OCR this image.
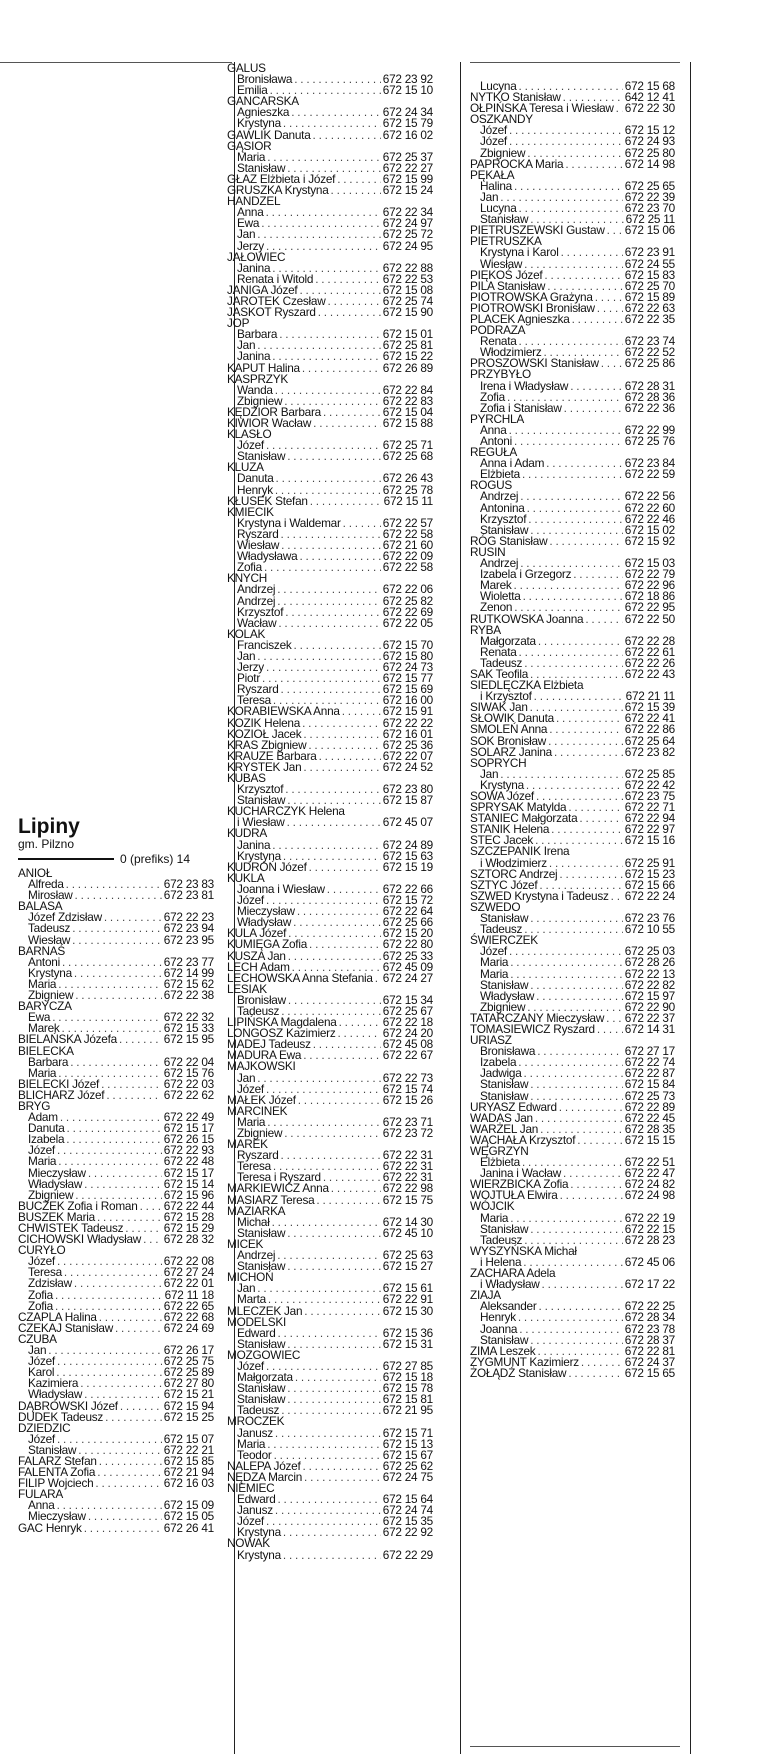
Lipiny
gm. Pilzno
0 (prefiks) 14
ANIOŁ
Alfreda . . .	672 23 83
Mirosław . . .	672 23 81
BALASA
Józef Zdzisław . . .	672 22 23
Tadeusz . . .	672 23 94
Wiesław . . .	672 23 95
BARNAŚ
Antoni . . .	672 23 77
Krystyna . . .	672 14 99
Maria . . .	672 15 62
Zbigniew . . .	672 22 38
BARYCZA
Ewa . . .	672 22 32
Marek . . .	672 15 33
BIELAŃSKA Józefa . . .	672 15 95
BIELECKA
Barbara . . .	672 22 04
Maria . . .	672 15 76
BIELECKI Józef . . .	672 22 03
BLICHARZ Józef . . .	672 22 62
BRYG
Adam . . .	672 22 49
Danuta . . .	672 15 17
Izabela . . .	672 26 15
Józef . . .	672 22 93
Maria . . .	672 22 48
Mieczysław . . .	672 15 17
Władysław . . .	672 15 14
Zbigniew . . .	672 15 96
BUCZEK Zofia i Roman . . . 672 22 44
BUSZEK Maria . . .	672 15 28
CHWISTEK Tadeusz . . .	672 15 29
CICHOWSKI Władysław . . . 672 28 32
CURYŁO
Józef . . .	672 22 08
Teresa . . .	672 27 24
Zdzisław . . .	672 22 01
Zofia . . .	672 11 18
Zofia . . .	672 22 65
CZAPLA Halina . . .	672 22 68
CZEKAJ Stanisław . . .	672 24 69
CZUBA
Jan . . .	672 26 17
Józef . . .	672 25 75
Karol . . .	672 25 89
Kazimiera . . .	672 27 80
Władysław . . .	672 15 21
DĄBROWSKI Józef . . .	672 15 94
DUDEK Tadeusz . . .	672 15 25
DZIEDZIC
Józef . . .	672 15 07
Stanisław . . .	672 22 21
FALARZ Stefan . . .	672 15 85
FALENTA Zofia . . .	672 21 94
FILIP Wojciech . . .	672 16 03
FULARA
Anna . . .	672 15 09
Mieczysław . . .	672 15 05
GAC Henryk . . .	672 26 41
GALUS
Bronisława . . .	672 23 92
Emilia . . .	672 15 10
GANCARSKA
Agnieszka . . .	672 24 34
Krystyna . . .	672 15 79
GAWLIK Danuta . . .	672 16 02
GĄSIOR
Maria . . .	672 25 37
Stanisław . . .	672 22 27
GŁAZ Elżbieta i Józef . . .	672 15 99
GRUSZKA Krystyna . . .	672 15 24
HANDZEL
Anna . . .	672 22 34
Ewa . . .	672 24 97
Jan . . .	672 25 72
Jerzy . . .	672 24 95
JAŁOWIEC
Janina . . .	672 22 88
Renata i Witold . . .	672 22 53
JANIGA Józef . . .	672 15 08
JAROTEK Czesław . . .	672 25 74
JASKOT Ryszard . . .	672 15 90
JOP
Barbara . . .	672 15 01
Jan . . .	672 25 81
Janina . . .	672 15 22
KAPUT Halina . . .	672 26 89
KASPRZYK
Wanda . . .	672 22 84
Zbigniew . . .	672 22 83
KĘDZIOR Barbara . . .	672 15 04
KIWIOR Wacław . . .	672 15 88
KLASŁO
Józef . . .	672 25 71
Stanisław . . .	672 25 68
KLUZA
Danuta . . .	672 26 43
Henryk . . .	672 25 78
KŁUSEK Stefan . . .	672 15 11
KMIECIK
Krystyna i Waldemar . . .	672 22 57
Ryszard . . .	672 22 58
Wiesław . . .	672 21 60
Władysława . . .	672 22 09
Zofia . . .	672 22 58
KNYCH
Andrzej . . .	672 22 06
Andrzej . . .	672 25 82
Krzysztof . . .	672 22 69
Wacław . . .	672 22 05
KOLAK
Franciszek . . .	672 15 70
Jan . . .	672 15 80
Jerzy . . .	672 24 73
Piotr . . .	672 15 77
Ryszard . . .	672 15 69
Teresa . . .	672 16 00
KORABIEWSKA Anna . . .	672 15 91
KOZIK Helena . . .	672 22 22
KOZIOŁ Jacek . . .	672 16 01
KRAS Zbigniew . . .	672 25 36
KRAUZE Barbara . . .	672 22 07
KRYSTEK Jan . . .	672 24 52
KUBAS
Krzysztof . . .	672 23 80
Stanisław . . .	672 15 87
KUCHARCZYK Helena
i Wiesław . . .	672 45 07
KUDRA
Janina . . .	672 24 89
Krystyna . . .	672 15 63
KUDROŃ Józef . . .	672 15 19
KUKLA
Joanna i Wiesław . . .	672 22 66
Józef . . .	672 15 72
Mieczysław . . .	672 22 64
Władysław . . .	672 25 66
KULA Józef . . .	672 15 20
KUMIĘGA Zofia . . .	672 22 80
KUSZA Jan . . .	672 25 33
LECH Adam . . .	672 45 09
LECHOWSKA Anna Stefania . . . 672 24 27
LESIAK
Bronisław . . .	672 15 34
Tadeusz . . .	672 25 67
LIPIŃSKA Magdalena . . .	672 22 18
LONGOSZ Kazimierz . . .	672 24 20
MADEJ Tadeusz . . .	672 45 08
MADURA Ewa . . .	672 22 67
MAJKOWSKI
Jan . . .	672 22 73
Józef . . .	672 15 74
MAŁEK Józef . . .	672 15 26
MARCINEK
Maria . . .	672 23 71
Zbigniew . . .	672 23 72
MAREK
Ryszard . . .	672 22 31
Teresa . . .	672 22 31
Teresa i Ryszard . . .	672 22 31
MARKIEWICZ Anna . . .	672 22 98
MASIARZ Teresa . . .	672 15 75
MAZIARKA
Michał . . .	672 14 30
Stanisław . . .	672 45 10
MICEK
Andrzej . . .	672 25 63
Stanisław . . .	672 15 27
MICHOŃ
Jan . . .	672 15 61
Marta . . .	672 22 91
MLECZEK Jan . . .	672 15 30
MODELSKI
Edward . . .	672 15 36
Stanisław . . .	672 15 31
MOZGOWIEC
Józef . . .	672 27 85
Małgorzata . . .	672 15 18
Stanisław . . .	672 15 78
Stanisław . . .	672 15 81
Tadeusz . . .	672 21 95
MROCZEK
Janusz . . .	672 15 71
Maria . . .	672 15 13
Teodor . . .	672 15 67
NALEPA Józef . . .	672 25 62
NĘDZA Marcin . . .	672 24 75
NIEMIEC
Edward . . .	672 15 64
Janusz . . .	672 24 74
Józef . . .	672 15 35
Krystyna . . .	672 22 92
NOWAK
Krystyna . . .	672 22 29
Lucyna . . .	672 15 68
NYTKO Stanisław . . .	642 12 41
OŁPIŃSKA Teresa i Wiesław . . . 672 22 30
OSZKANDY
Józef . . .	672 15 12
Józef . . .	672 24 93
Zbigniew . . .	672 25 80
PAPROCKA Maria . . .	672 14 98
PĘKAŁA
Halina . . .	672 25 65
Jan . . .	672 22 39
Lucyna . . .	672 23 70
Stanisław . . .	672 25 11
PIETRUSZEWSKI Gustaw . . . 672 15 06
PIETRUSZKA
Krystyna i Karol . . .	672 23 91
Wiesław . . .	672 24 55
PIĘKOŚ Józef . . .	672 15 83
PILA Stanisław . . .	672 25 70
PIOTROWSKA Grażyna . . .	672 15 89
PIOTROWSKI Bronisław . . .	672 22 63
PLACEK Agnieszka . . .	672 22 35
PODRAZA
Renata . . .	672 23 74
Włodzimierz . . .	672 22 52
PROSZOWSKI Stanisław . . . 672 25 86
PRZYBYŁO
Irena i Władysław . . .	672 28 31
Zofia . . .	672 28 36
Zofia i Stanisław . . .	672 22 36
PYRCHLA
Anna . . .	672 22 99
Antoni . . .	672 25 76
REGUŁA
Anna i Adam . . .	672 23 84
Elżbieta . . .	672 22 59
ROGUS
Andrzej . . .	672 22 56
Antonina . . .	672 22 60
Krzysztof . . .	672 22 46
Stanisław . . .	672 15 02
RÓG Stanisław . . .	672 15 92
RUSIN
Andrzej . . .	672 15 03
Izabela i Grzegorz . . .	672 22 79
Marek . . .	672 22 96
Wioletta . . .	672 18 86
Zenon . . .	672 22 95
RUTKOWSKA Joanna . . .	672 22 50
RYBA
Małgorzata . . .	672 22 28
Renata . . .	672 22 61
Tadeusz . . .	672 22 26
SAK Teofila . . .	672 22 43
SIEDLĘCZKA Elżbieta
i Krzysztof . . .	672 21 11
SIWAK Jan . . .	672 15 39
SŁOWIK Danuta . . .	672 22 41
SMOLEŃ Anna . . .	672 22 86
SOK Bronisław . . .	672 25 64
SOLARZ Janina . . .	672 23 82
SOPRYCH
Jan . . .	672 25 85
Krystyna . . .	672 22 42
SOWA Józef . . .	672 23 75
SPRYSAK Matylda . . .	672 22 71
STANIEC Małgorzata . . .	672 22 94
STANIK Helena . . .	672 22 97
STEC Jacek . . .	672 15 16
SZCZEPANIK Irena
i Włodzimierz . . .	672 25 91
SZTORC Andrzej . . .	672 15 23
SZTYC Józef . . .	672 15 66
SZWED Krystyna i Tadeusz . . . 672 22 24
SZWEDO
Stanisław . . .	672 23 76
Tadeusz . . .	672 10 55
ŚWIERCZEK
Józef . . .	672 25 03
Maria . . .	672 28 26
Maria . . .	672 22 13
Stanisław . . .	672 22 82
Władysław . . .	672 15 97
Zbigniew . . .	672 22 90
TATARCZANY Mieczysław . . . 672 22 37
TOMASIEWICZ Ryszard . . .	672 14 31
URIASZ
Bronisława . . .	672 27 17
Izabela . . .	672 22 74
Jadwiga . . .	672 22 87
Stanisław . . .	672 15 84
Stanisław . . .	672 25 73
URYASZ Edward . . .	672 22 89
WADAS Jan . . .	672 22 45
WARŻEL Jan . . .	672 28 35
WĄCHAŁA Krzysztof . . .	672 15 15
WĘGRZYN
Elżbieta . . .	672 22 51
Janina i Wacław . . .	672 22 47
WIERZBICKA Zofia . . .	672 24 82
WOJTUŁA Elwira . . .	672 24 98
WÓJCIK
Maria . . .	672 22 19
Stanisław . . .	672 22 15
Tadeusz . . .	672 28 23
WYSZYŃSKA Michał
i Helena . . .	672 45 06
ZACHARA Adela
i Władysław . . .	672 17 22
ZIAJA
Aleksander . . .	672 22 25
Henryk . . .	672 28 34
Joanna . . .	672 23 78
Stanisław . . .	672 28 37
ZIMA Leszek . . .	672 22 81
ZYGMUNT Kazimierz . . .	672 24 37
ŻOŁĄDŹ Stanisław . . .	672 15 65
